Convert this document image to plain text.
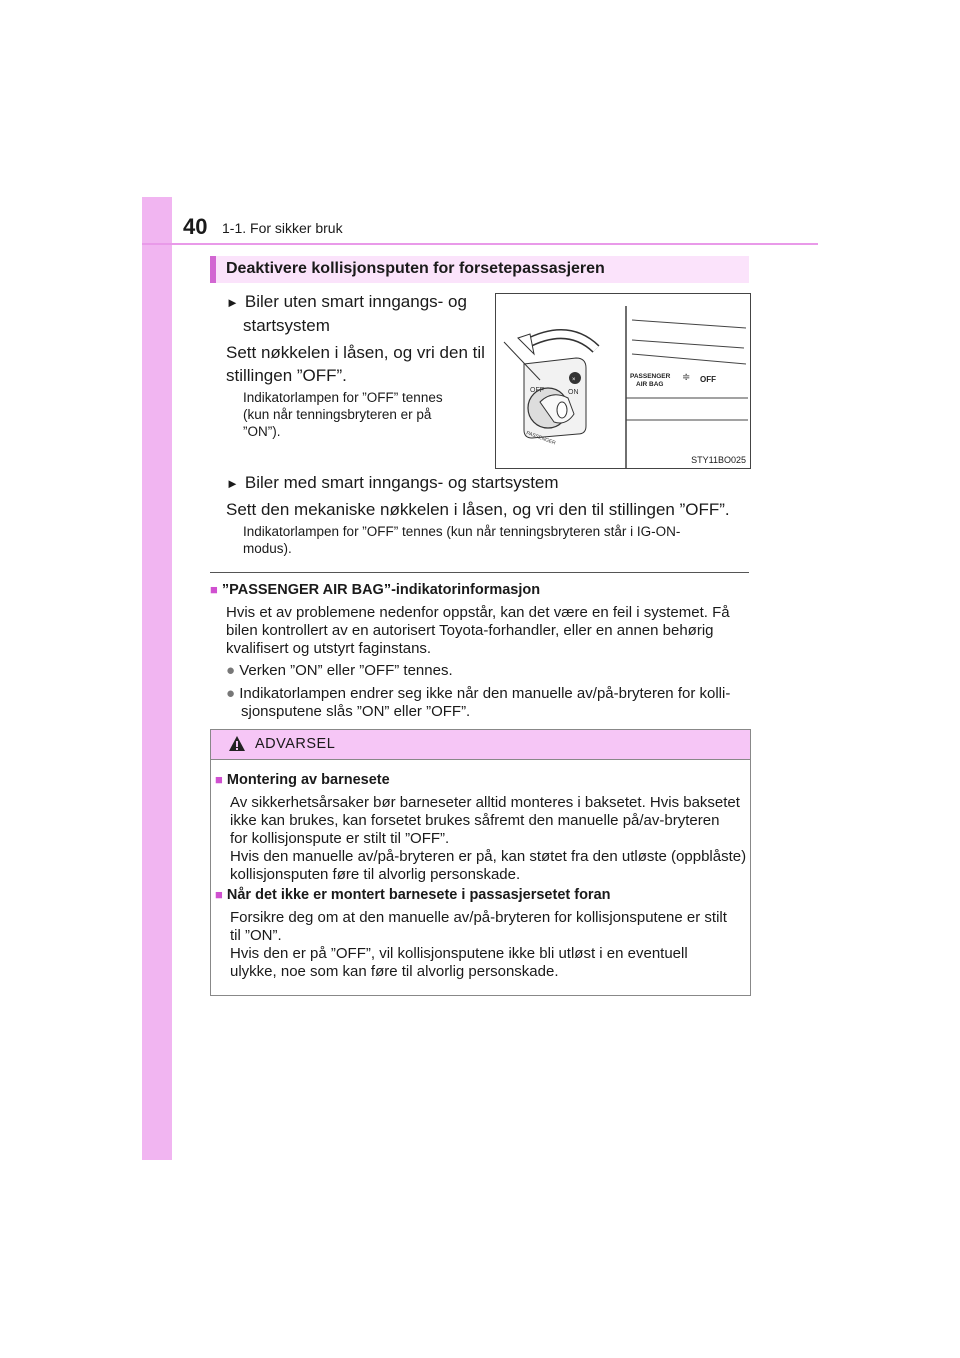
40 1-1. For sikker bruk
Deaktivere kollisjonsputen for forsetepassasjeren
► Biler uten smart inngangs- og
startsystem
Sett nøkkelen i låsen, og vri den til
stillingen ”OFF”.
Indikatorlampen for ”OFF” tennes
(kun når tenningsbryteren er på
”ON”).
×
OFF	ON
PASSENGER
PASSENGER
AIR BAG
≑ OFF
STY11BO025
► Biler med smart inngangs- og startsystem
Sett den mekaniske nøkkelen i låsen, og vri den til stillingen ”OFF”.
Indikatorlampen for ”OFF” tennes (kun når tenningsbryteren står i IG-ON-
modus).
■ ”PASSENGER AIR BAG”-indikatorinformasjon
Hvis et av problemene nedenfor oppstår, kan det være en feil i systemet. Få
bilen kontrollert av en autorisert Toyota-forhandler, eller en annen behørig
kvalifisert og utstyrt faginstans.
● Verken ”ON” eller ”OFF” tennes.
● Indikatorlampen endrer seg ikke når den manuelle av/på-bryteren for kolli-
sjonsputene slås ”ON” eller ”OFF”.
ADVARSEL
■ Montering av barnesete
Av sikkerhetsårsaker bør barneseter alltid monteres i baksetet. Hvis baksetet
ikke kan brukes, kan forsetet brukes såfremt den manuelle på/av-bryteren
for kollisjonspute er stilt til ”OFF”.
Hvis den manuelle av/på-bryteren er på, kan støtet fra den utløste (oppblåste)
kollisjonsputen føre til alvorlig personskade.
■ Når det ikke er montert barnesete i passasjersetet foran
Forsikre deg om at den manuelle av/på-bryteren for kollisjonsputene er stilt
til ”ON”.
Hvis den er på ”OFF”, vil kollisjonsputene ikke bli utløst i en eventuell
ulykke, noe som kan føre til alvorlig personskade.
